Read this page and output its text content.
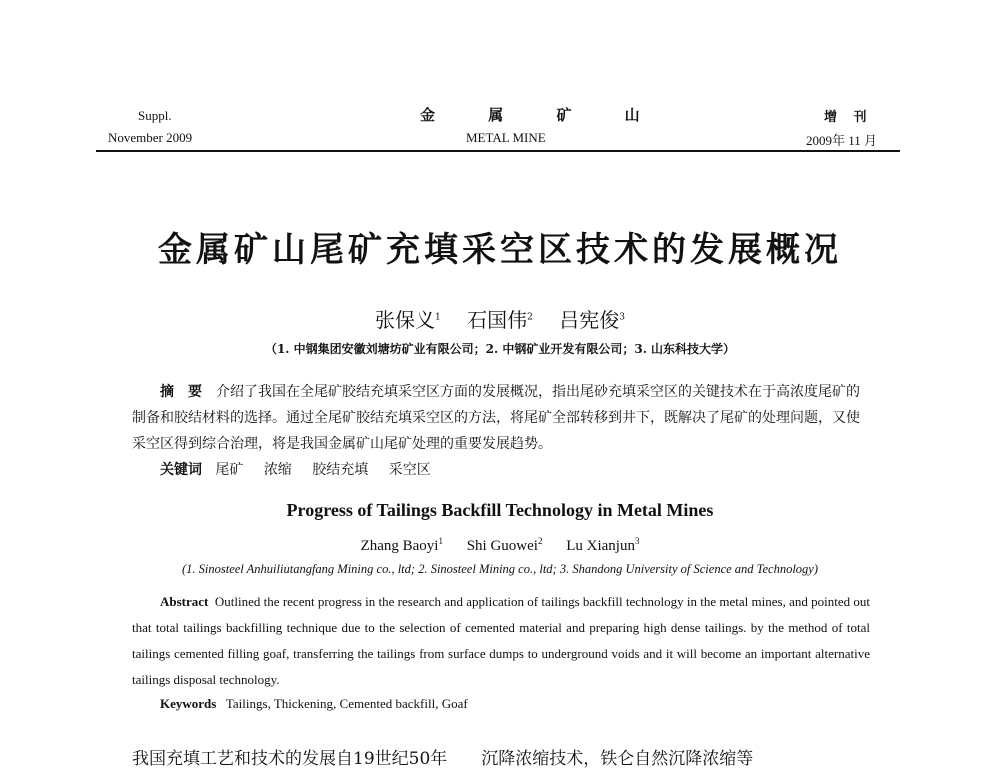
Suppl.
November 2009
金 属 矿 山
METAL MINE
增 刊
2009年 11 月
金属矿山尾矿充填采空区技术的发展概况
张保义$^1$ 石国伟$^2$ 吕宪俊$^3$
（1. 中钢集团安徽刘塘坊矿业有限公司；2. 中钢矿业开发有限公司；3. 山东科技大学）
摘　要　 介绍了我国在全尾矿胶结充填采空区方面的发展概况，指出尾砂充填采空区的关键技术在于高浓度尾矿的制备和胶结材料的选择。通过全尾矿胶结充填采空区的方法，将尾矿全部转移到井下，既解决了尾矿的处理问题，又使采空区得到综合治理，将是我国金属矿山尾矿处理的重要发展趋势。
关键词 尾矿 浓缩 胶结充填 采空区
Progress of Tailings Backfill Technology in Metal Mines
Zhang Baoyi$^1$ Shi Guowei$^2$ Lu Xianjun$^3$
(1. Sinosteel Anhuiliutangfang Mining co., ltd; 2. Sinosteel Mining co., ltd; 3. Shandong University of Science and Technology)
Abstract Outlined the recent progress in the research and application of tailings backfill technology in the metal mines, and pointed out that total tailings backfilling technique due to the selection of cemented material and preparing high dense tailings. by the method of total tailings cemented filling goaf, transferring the tailings from surface dumps to underground voids and it will become an important alternative tailings disposal technology.
Keywords Tailings , Thickening , Cemented backfill , Goaf
我国充填工艺和技术的发展自19世纪50年　　沉降浓缩技术，铁仑自然沉降浓缩等
